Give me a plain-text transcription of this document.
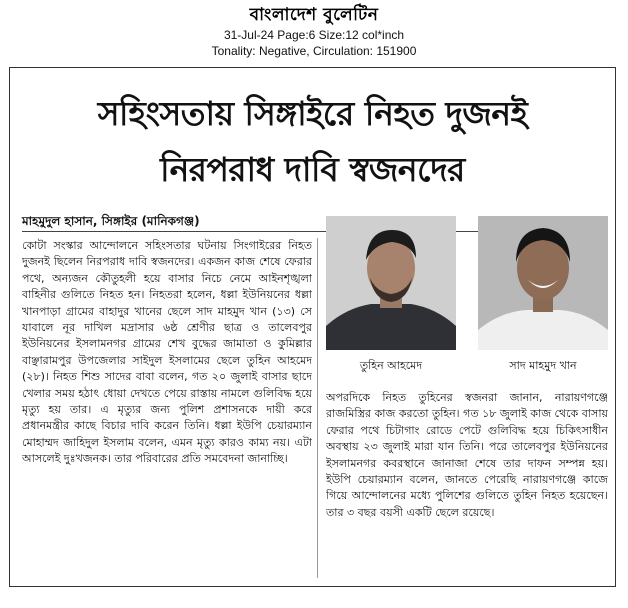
বাংলাদেশ বুলেটিন
31-Jul-24 Page:6 Size:12 col*inch
Tonality: Negative, Circulation: 151900
সহিংসতায় সিঙ্গাইরে নিহত দুজনই
নিরপরাধ দাবি স্বজনদের
মাহমুদুল হাসান, সিঙ্গাইর (মানিকগঞ্জ)
কোটা সংস্কার আন্দোলনে সহিংসতার ঘটনায় সিংগাইরের নিহত দুজনই ছিলেন নিরপরাধ দাবি স্বজনদের। একজন কাজ শেষে ফেরার পথে, অন্যজন কৌতুহলী হয়ে বাসার নিচে নেমে আইনশৃঙ্খলা বাহিনীর গুলিতে নিহত হন। নিহতরা হলেন, ধল্লা ইউনিয়নের ধল্লা খানপাড়া গ্রামের বাহাদুর খানের ছেলে সাদ মাহমুদ খান (১৩) সে যাবালে নূর দাখিল মদ্রাসার ৬ষ্ঠ শ্রেণীর ছাত্র ও তালেবপুর ইউনিয়নের ইসলামনগর গ্রামের শেখ বুদ্ধের জামাতা ও কুমিল্লার বাঞ্ছারামপুর উপজেলার সাইদুল ইসলামের ছেলে তুহিন আহমেদ (২৮)। নিহত শিশু সাদের বাবা বলেন, গত ২০ জুলাই বাসার ছাদে খেলার সময় হঠাৎ ধোয়া দেখতে পেয়ে রাস্তায় নামলে গুলিবিদ্ধ হয়ে মৃত্যু হয় তার। এ মৃত্যুর জন্য পুলিশ প্রশাসনকে দায়ী করে প্রধানমন্ত্রীর কাছে বিচার দাবি করেন তিনি। ধল্লা ইউপি চেয়ারম্যান মোহাম্মদ জাহিদুল ইসলাম বলেন, এমন মৃত্যু কারও কাম্য নয়। এটা আসলেই দুঃখজনক। তার পরিবারের প্রতি সমবেদনা জানাচ্ছি।
তুহিন আহমেদ	সাদ মাহমুদ খান
অপরদিকে নিহত তুহিনের স্বজনরা জানান, নারায়ণগঞ্জে রাজমিস্ত্রির কাজ করতো তুহিন। গত ১৮ জুলাই কাজ থেকে বাসায় ফেরার পথে চিটাগাং রোডে পেটে গুলিবিদ্ধ হয়ে চিকিৎসাধীন অবস্থায় ২৩ জুলাই মারা যান তিনি। পরে তালেবপুর ইউনিয়নের ইসলামনগর কবরস্থানে জানাজা শেষে তার দাফন সম্পন্ন হয়। ইউপি চেয়ারম্যান বলেন, জানতে পেরেছি নারায়ণগঞ্জে কাজে গিয়ে আন্দোলনের মধ্যে পুলিশের গুলিতে তুহিন নিহত হয়েছেন। তার ৩ বছর বয়সী একটি ছেলে রয়েছে।
